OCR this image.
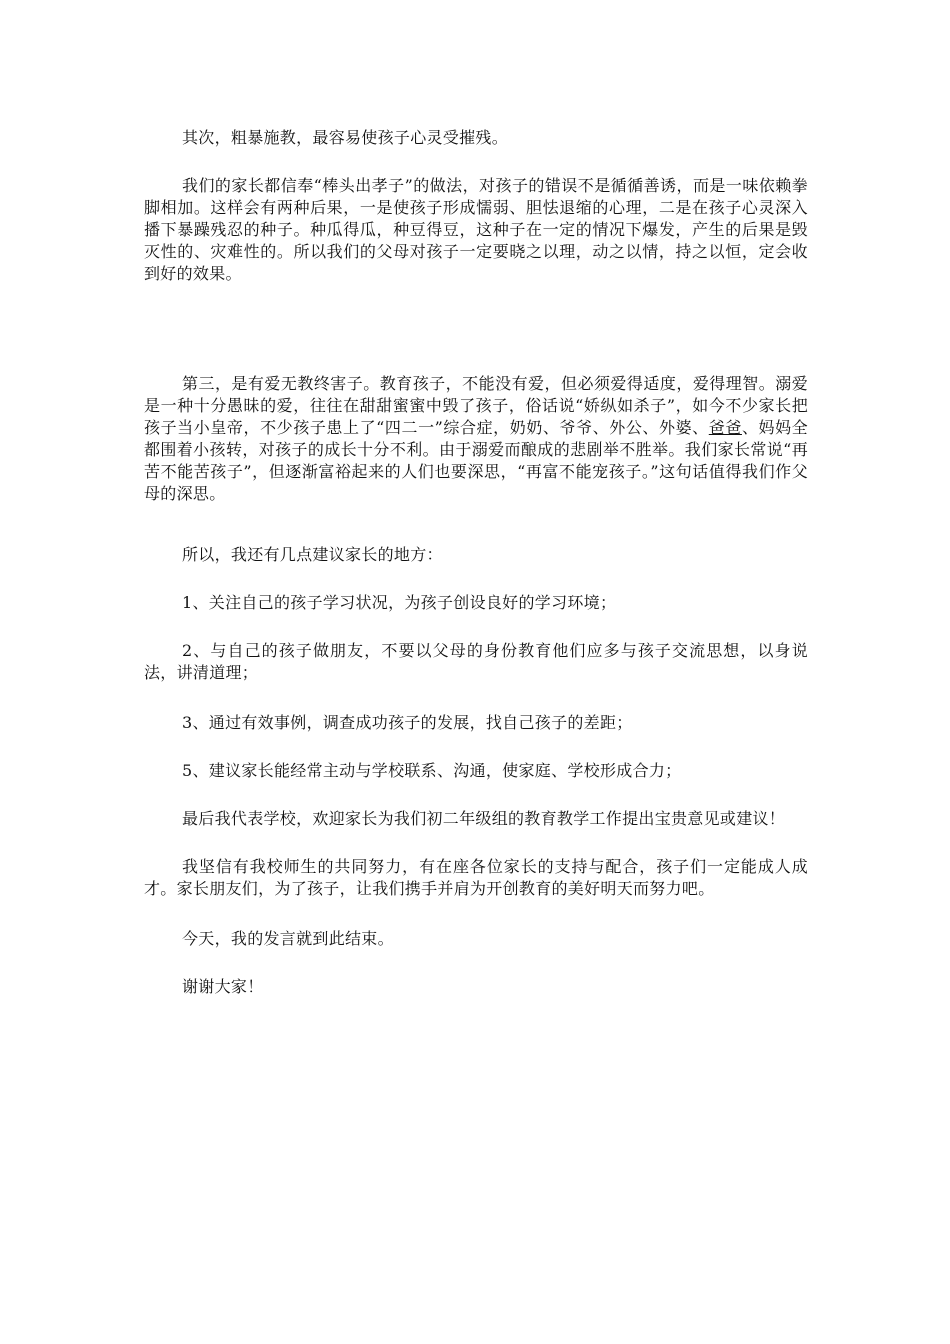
其次，粗暴施教，最容易使孩子心灵受摧残。

我们的家长都信奉“棒头出孝子”的做法，对孩子的错误不是循循善诱，而是一味依赖拳脚相加。这样会有两种后果，一是使孩子形成懦弱、胆怯退缩的心理，二是在孩子心灵深入播下暴躁残忍的种子。种瓜得瓜，种豆得豆，这种子在一定的情况下爆发，产生的后果是毁灭性的、灾难性的。所以我们的父母对孩子一定要晓之以理，动之以情，持之以恒，定会收到好的效果。

第三，是有爱无教终害子。教育孩子，不能没有爱，但必须爱得适度，爱得理智。溺爱是一种十分愚昧的爱，往往在甜甜蜜蜜中毁了孩子，俗话说“娇纵如杀子”，如今不少家长把孩子当小皇帝，不少孩子患上了“四二一”综合症，奶奶、爷爷、外公、外婆、爸爸、妈妈全都围着小孩转，对孩子的成长十分不利。由于溺爱而酿成的悲剧举不胜举。我们家长常说“再苦不能苦孩子”，但逐渐富裕起来的人们也要深思，“再富不能宠孩子。”这句话值得我们作父母的深思。

所以，我还有几点建议家长的地方：

1、关注自己的孩子学习状况，为孩子创设良好的学习环境；

2、与自己的孩子做朋友，不要以父母的身份教育他们应多与孩子交流思想，以身说法，讲清道理；

3、通过有效事例，调查成功孩子的发展，找自己孩子的差距；

5、建议家长能经常主动与学校联系、沟通，使家庭、学校形成合力；

最后我代表学校，欢迎家长为我们初二年级组的教育教学工作提出宝贵意见或建议！

我坚信有我校师生的共同努力，有在座各位家长的支持与配合，孩子们一定能成人成才。家长朋友们，为了孩子，让我们携手并肩为开创教育的美好明天而努力吧。

今天，我的发言就到此结束。

谢谢大家！
